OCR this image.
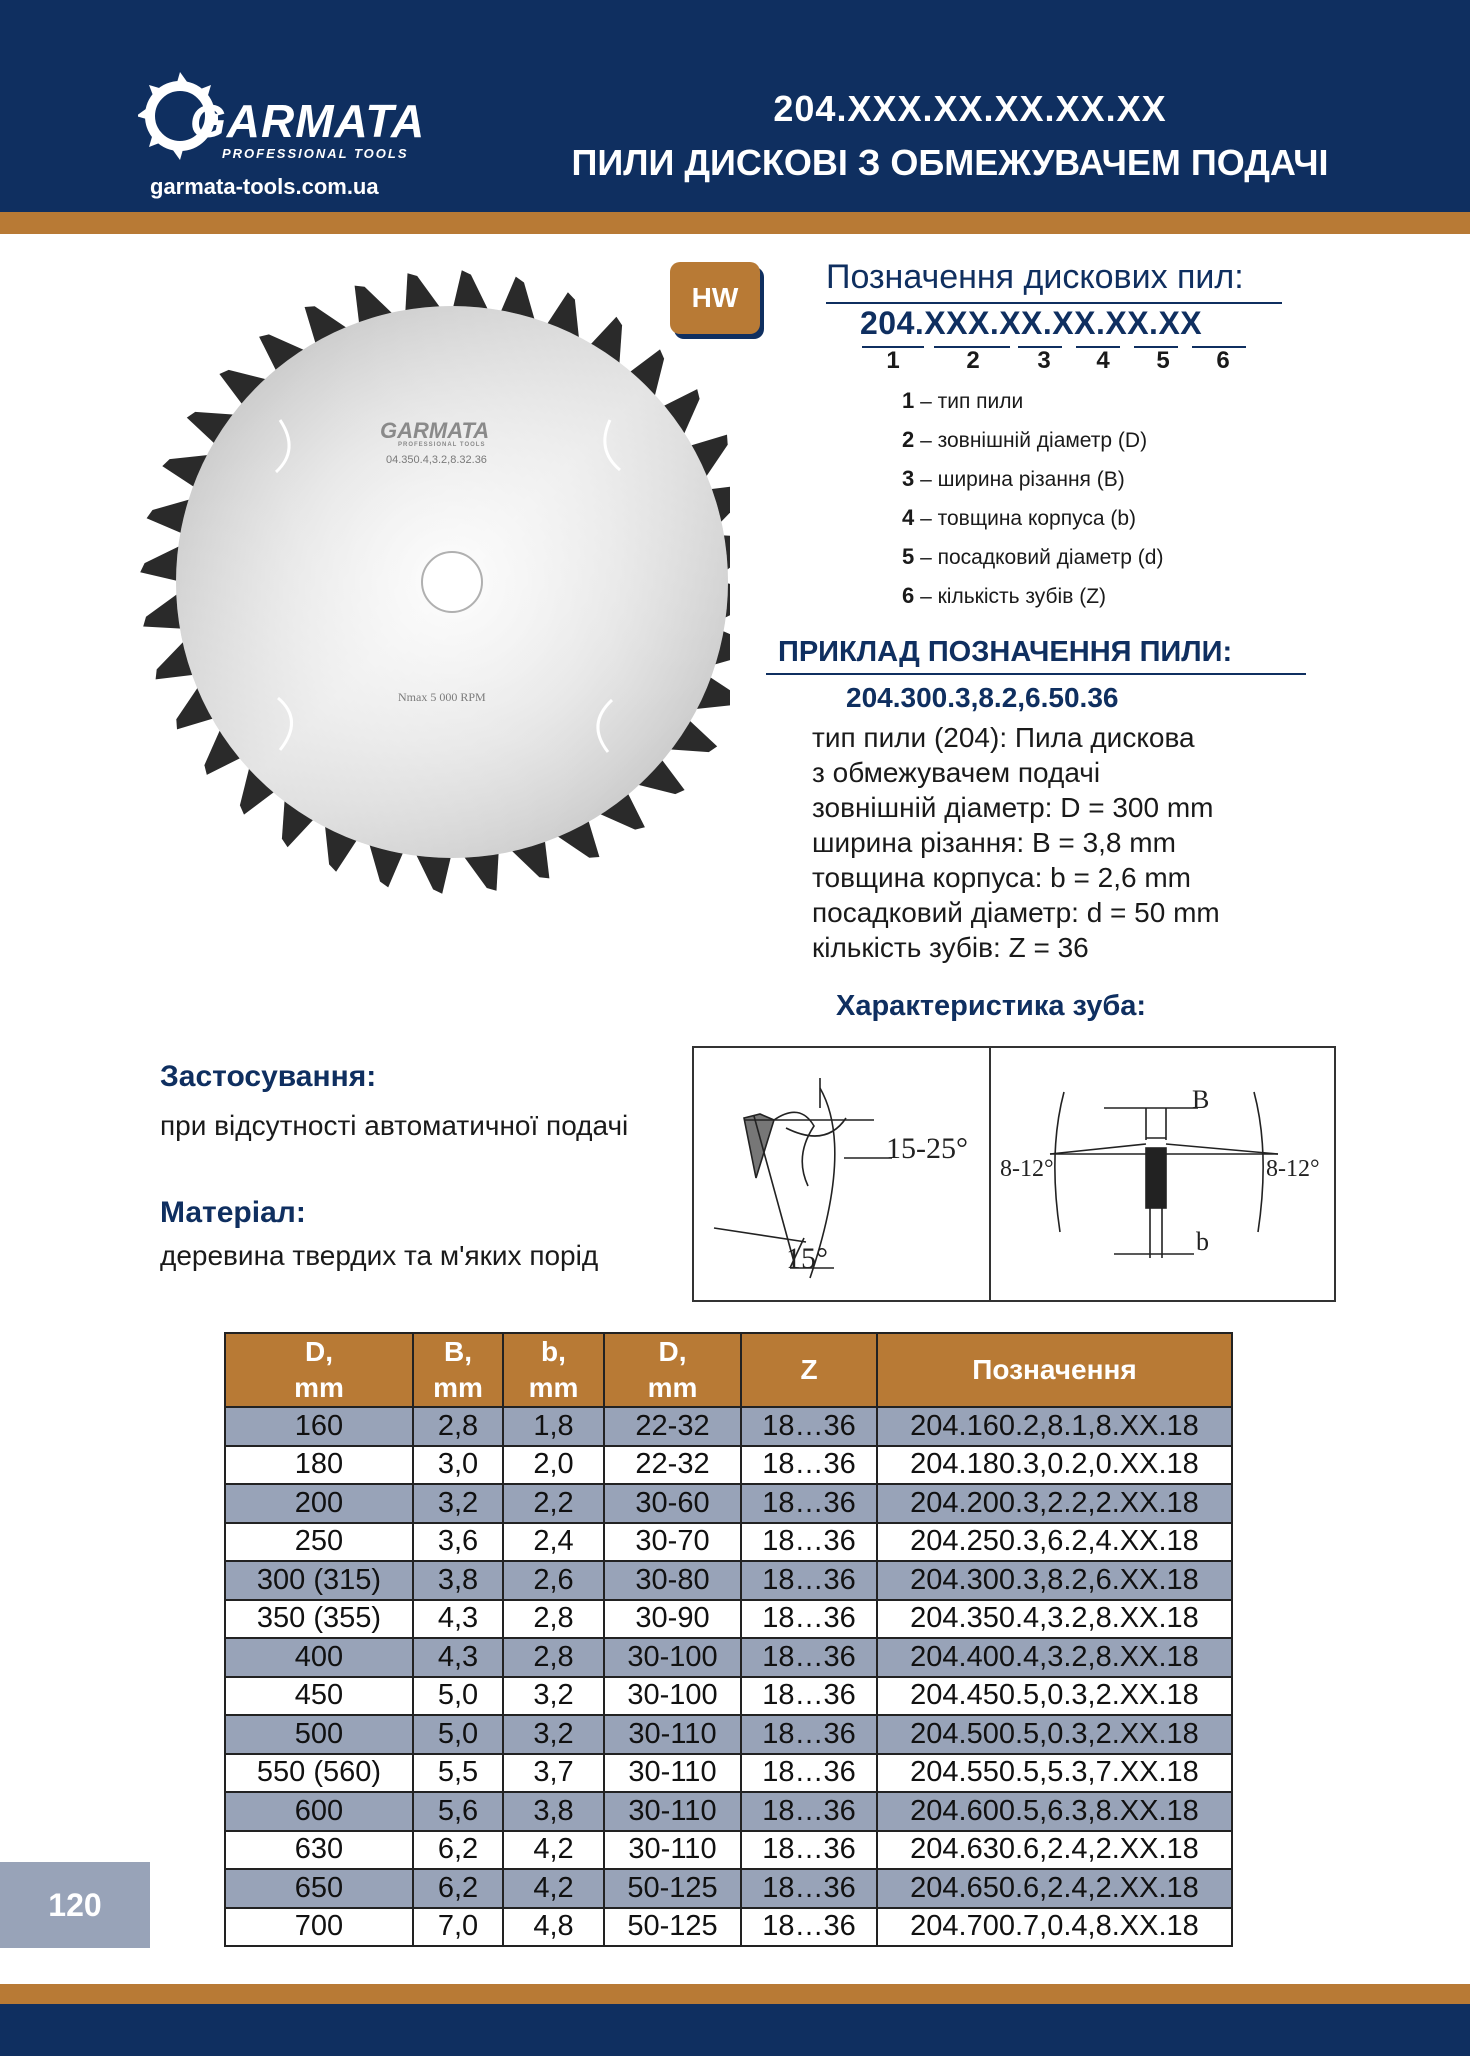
GARMATA
PROFESSIONAL TOOLS
garmata-tools.com.ua
204.XXX.XX.XX.XX.XX
ПИЛИ ДИСКОВІ З ОБМЕЖУВАЧЕМ ПОДАЧІ
GARMATA
PROFESSIONAL TOOLS
04.350.4,3.2,8.32.36
Nmax 5 000 RPM
HW
Позначення дискових пил:
204.XXX.XX.XX.XX.XX
1	2	3	4	5	6
1 – тип пили
2 – зовнішній діаметр (D)
3 – ширина різання (B)
4 – товщина корпуса (b)
5 – посадковий діаметр (d)
6 – кількість зубів (Z)
ПРИКЛАД ПОЗНАЧЕННЯ ПИЛИ:
204.300.3,8.2,6.50.36
тип пили (204): Пила дискова
з обмежувачем подачі
зовнішній діаметр: D = 300 mm
ширина різання: B = 3,8 mm
товщина корпуса: b = 2,6 mm
посадковий діаметр: d = 50 mm
кількість зубів: Z = 36
Характеристика зуба:
Застосування:
при відсутності автоматичної подачі
Матеріал:
деревина твердих та м'яких порід
15-25°
15°
8-12°	8-12°
B
b
D,
mm	B,
mm	b,
mm	D,
mm	Z	Позначення
160	2,8	1,8	22-32	18…36	204.160.2,8.1,8.XX.18
180	3,0	2,0	22-32	18…36	204.180.3,0.2,0.XX.18
200	3,2	2,2	30-60	18…36	204.200.3,2.2,2.XX.18
250	3,6	2,4	30-70	18…36	204.250.3,6.2,4.XX.18
300 (315)	3,8	2,6	30-80	18…36	204.300.3,8.2,6.XX.18
350 (355)	4,3	2,8	30-90	18…36	204.350.4,3.2,8.XX.18
400	4,3	2,8	30-100	18…36	204.400.4,3.2,8.XX.18
450	5,0	3,2	30-100	18…36	204.450.5,0.3,2.XX.18
500	5,0	3,2	30-110	18…36	204.500.5,0.3,2.XX.18
550 (560)	5,5	3,7	30-110	18…36	204.550.5,5.3,7.XX.18
600	5,6	3,8	30-110	18…36	204.600.5,6.3,8.XX.18
630	6,2	4,2	30-110	18…36	204.630.6,2.4,2.XX.18
650	6,2	4,2	50-125	18…36	204.650.6,2.4,2.XX.18
700	7,0	4,8	50-125	18…36	204.700.7,0.4,8.XX.18
120
